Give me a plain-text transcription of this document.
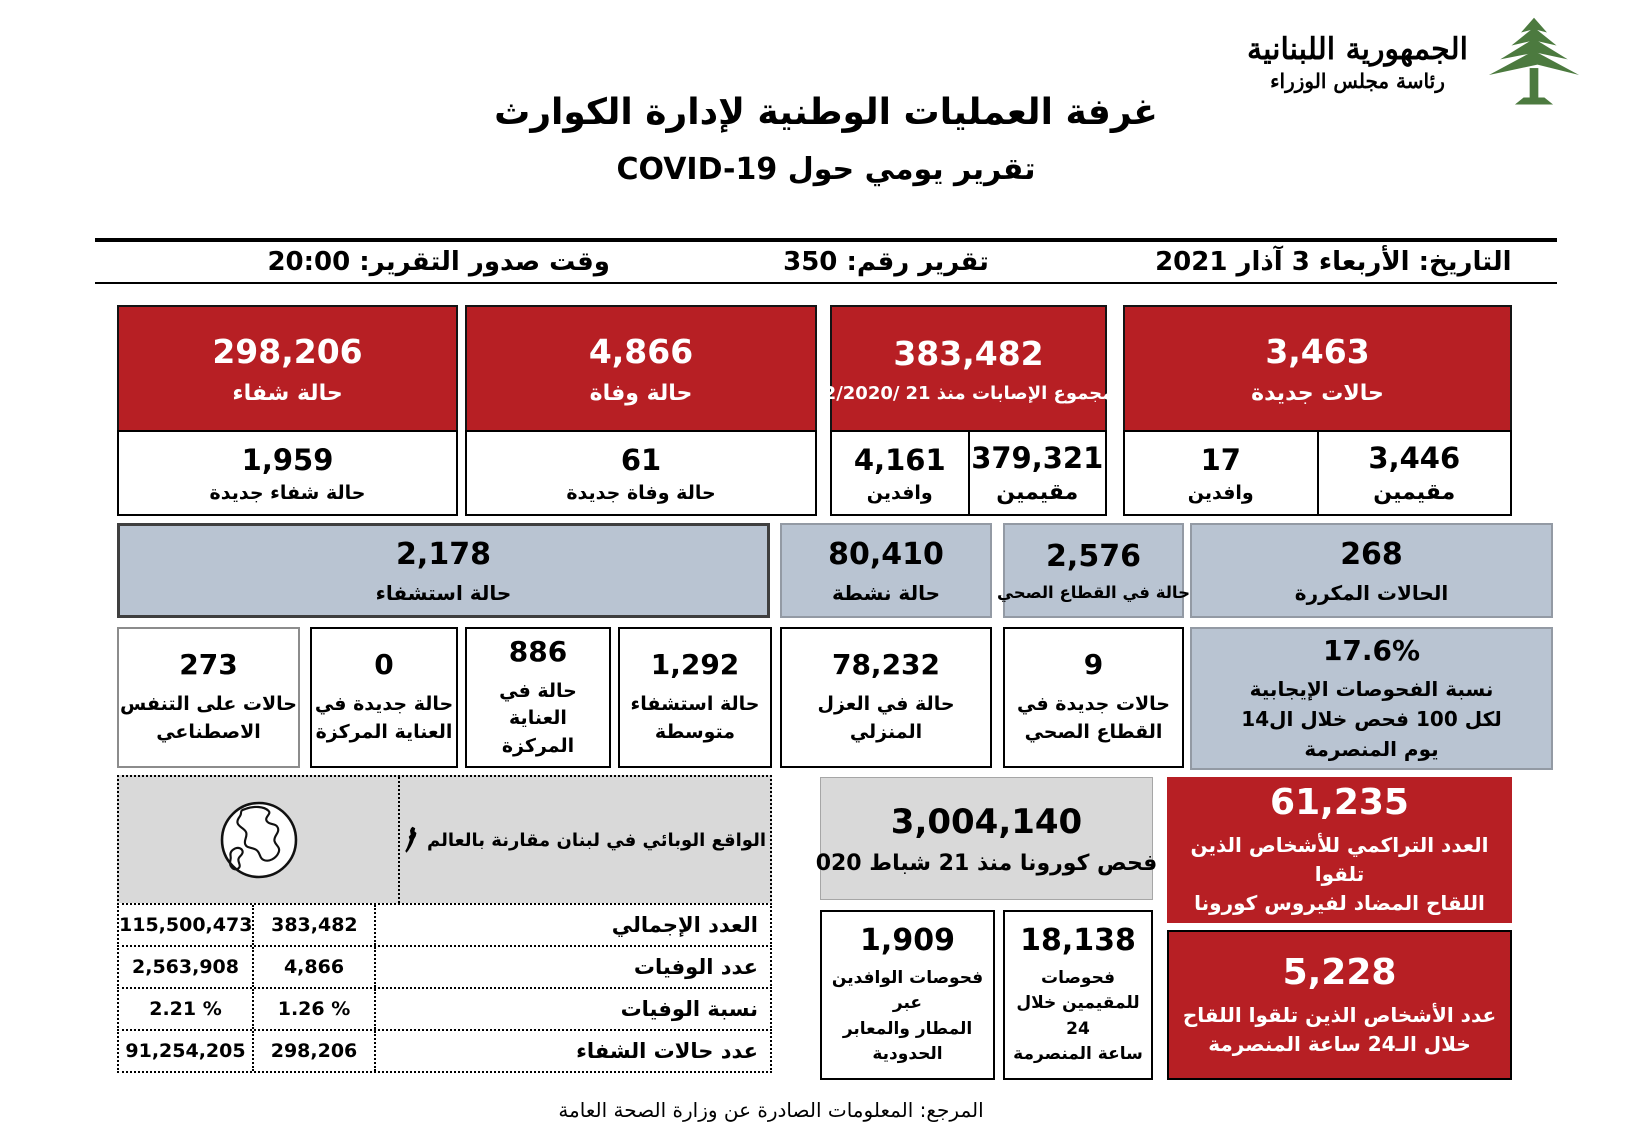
الجمهورية اللبنانية
رئاسة مجلس الوزراء
غرفة العمليات الوطنية لإدارة الكوارث
تقرير يومي حول COVID-19
التاريخ: الأربعاء 3 آذار 2021
تقرير رقم: 350
وقت صدور التقرير: 20:00
3,463
حالات جديدة
3,446
مقيمين
17
وافدين
383,482
مجموع الإصابات منذ 21
2/2020/
379,321
مقيمين
4,161
وافدين
4,866
حالة وفاة
61
حالة وفاة جديدة
298,206
حالة شفاء
1,959
حالة شفاء جديدة
268
الحالات المكررة
2,576
حالة في القطاع الصحي
80,410
حالة نشطة
2,178
حالة استشفاء
17.6%
نسبة الفحوصات الإيجابية
لكل 100 فحص خلال ال14
يوم المنصرمة
9
حالات جديدة في
القطاع الصحي
78,232
حالة في العزل المنزلي
1,292
حالة استشفاء
متوسطة
886
حالة في العناية
المركزة
0
حالة جديدة في
العناية المركزة
273
حالات على التنفس
الاصطناعي
الواقع الوبائي في لبنان مقارنة بالعالم
العدد الإجمالي
383,482
115,500,473
عدد الوفيات
4,866
2,563,908
نسبة الوفيات
1.26 %
2.21 %
عدد حالات الشفاء
298,206
91,254,205
3,004,140
فحص كورونا منذ 21 شباط 020
1,909
فحوصات الوافدين عبر
المطار والمعابر
الحدودية
18,138
فحوصات
للمقيمين خلال 24
ساعة المنصرمة
61,235
العدد التراكمي للأشخاص الذين تلقوا
اللقاح المضاد لفيروس كورونا
5,228
عدد الأشخاص الذين تلقوا اللقاح
خلال الـ24 ساعة المنصرمة
المرجع: المعلومات الصادرة عن وزارة الصحة العامة
